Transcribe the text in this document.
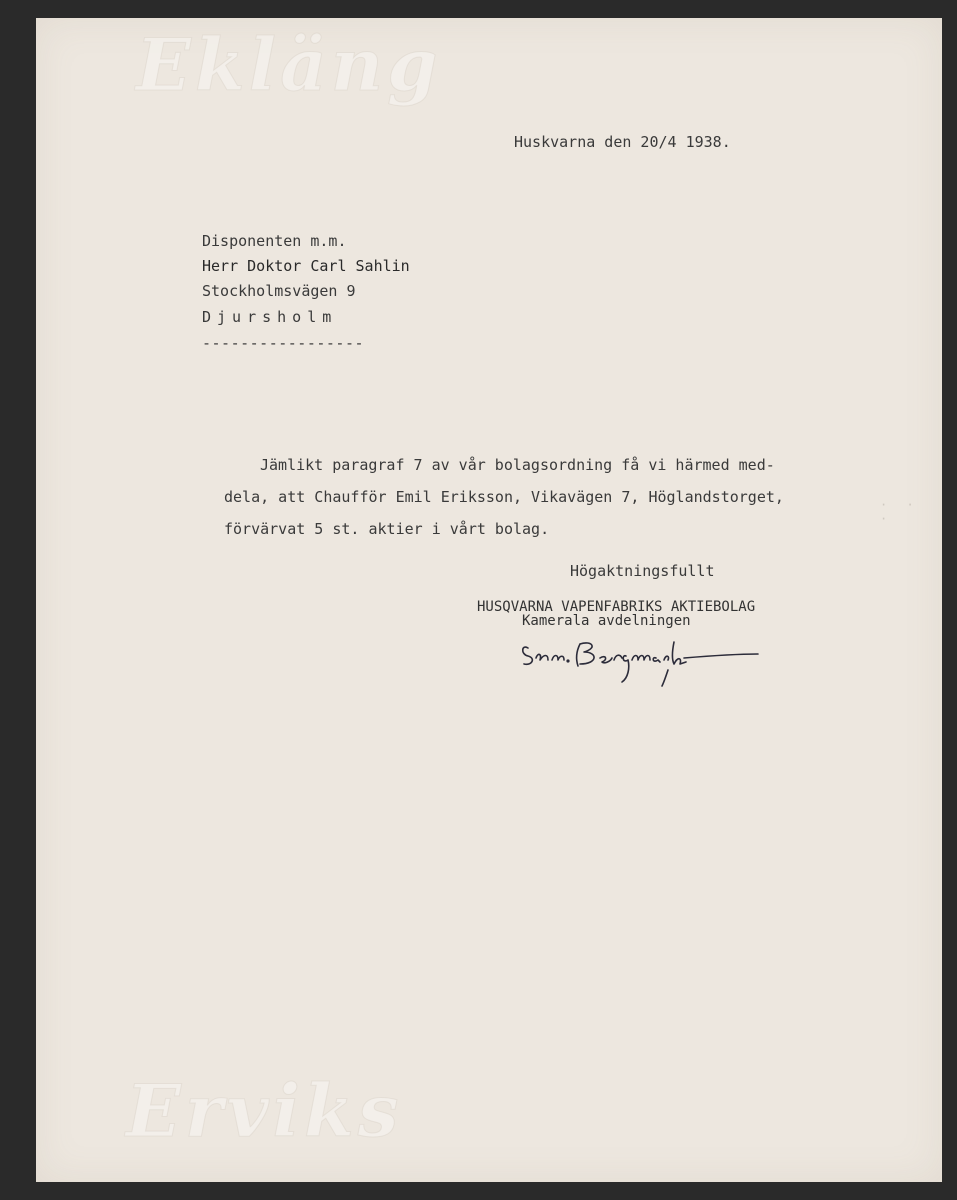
Ekläng
Erviks
Huskvarna den 20/4 1938.
Disponenten m.m.
Herr Doktor Carl Sahlin
Stockholmsvägen 9
Djursholm
-----------------
Jämlikt paragraf 7 av vår bolagsordning få vi härmed med-
dela, att Chaufför Emil Eriksson, Vikavägen 7, Höglandstorget,
förvärvat 5 st. aktier i vårt bolag.
Högaktningsfullt
HUSQVARNA VAPENFABRIKS AKTIEBOLAG
Kamerala avdelningen
· · ·
